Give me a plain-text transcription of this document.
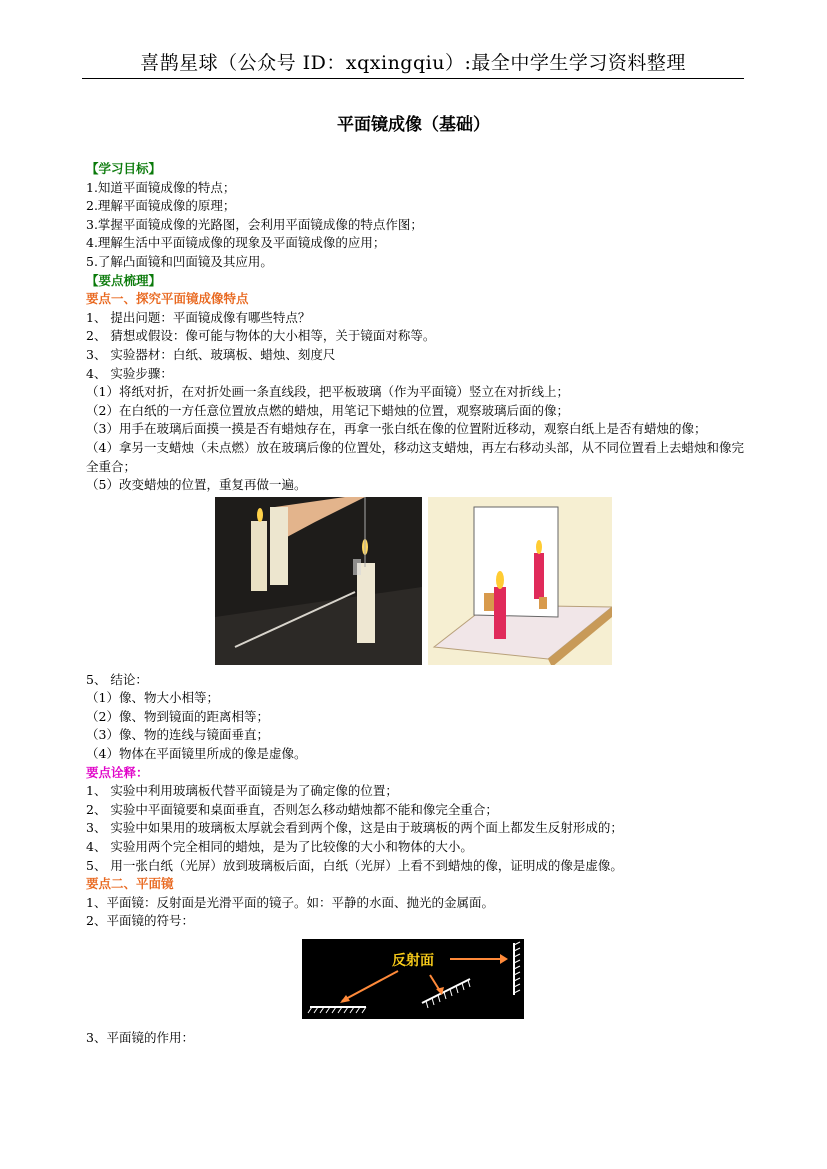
喜鹊星球（公众号 ID：xqxingqiu）:最全中学生学习资料整理
平面镜成像（基础）
【学习目标】
1.知道平面镜成像的特点；
2.理解平面镜成像的原理；
3.掌握平面镜成像的光路图，会利用平面镜成像的特点作图；
4.理解生活中平面镜成像的现象及平面镜成像的应用；
5.了解凸面镜和凹面镜及其应用。
【要点梳理】
要点一、探究平面镜成像特点
1、 提出问题：平面镜成像有哪些特点？
2、 猜想或假设：像可能与物体的大小相等，关于镜面对称等。
3、 实验器材：白纸、玻璃板、蜡烛、刻度尺
4、 实验步骤：
（1）将纸对折，在对折处画一条直线段，把平板玻璃（作为平面镜）竖立在对折线上；
（2）在白纸的一方任意位置放点燃的蜡烛，用笔记下蜡烛的位置，观察玻璃后面的像；
（3）用手在玻璃后面摸一摸是否有蜡烛存在，再拿一张白纸在像的位置附近移动，观察白纸上是否有蜡烛的像；
（4）拿另一支蜡烛（未点燃）放在玻璃后像的位置处，移动这支蜡烛，再左右移动头部，从不同位置看上去蜡烛和像完全重合；
（5）改变蜡烛的位置，重复再做一遍。
5、 结论：
（1）像、物大小相等；
（2）像、物到镜面的距离相等；
（3）像、物的连线与镜面垂直；
（4）物体在平面镜里所成的像是虚像。
要点诠释：
1、 实验中利用玻璃板代替平面镜是为了确定像的位置；
2、 实验中平面镜要和桌面垂直，否则怎么移动蜡烛都不能和像完全重合；
3、 实验中如果用的玻璃板太厚就会看到两个像，这是由于玻璃板的两个面上都发生反射形成的；
4、 实验用两个完全相同的蜡烛，是为了比较像的大小和物体的大小。
5、 用一张白纸（光屏）放到玻璃板后面，白纸（光屏）上看不到蜡烛的像，证明成的像是虚像。
要点二、平面镜
1、平面镜：反射面是光滑平面的镜子。如：平静的水面、抛光的金属面。
2、平面镜的符号：
反射面
3、平面镜的作用：
